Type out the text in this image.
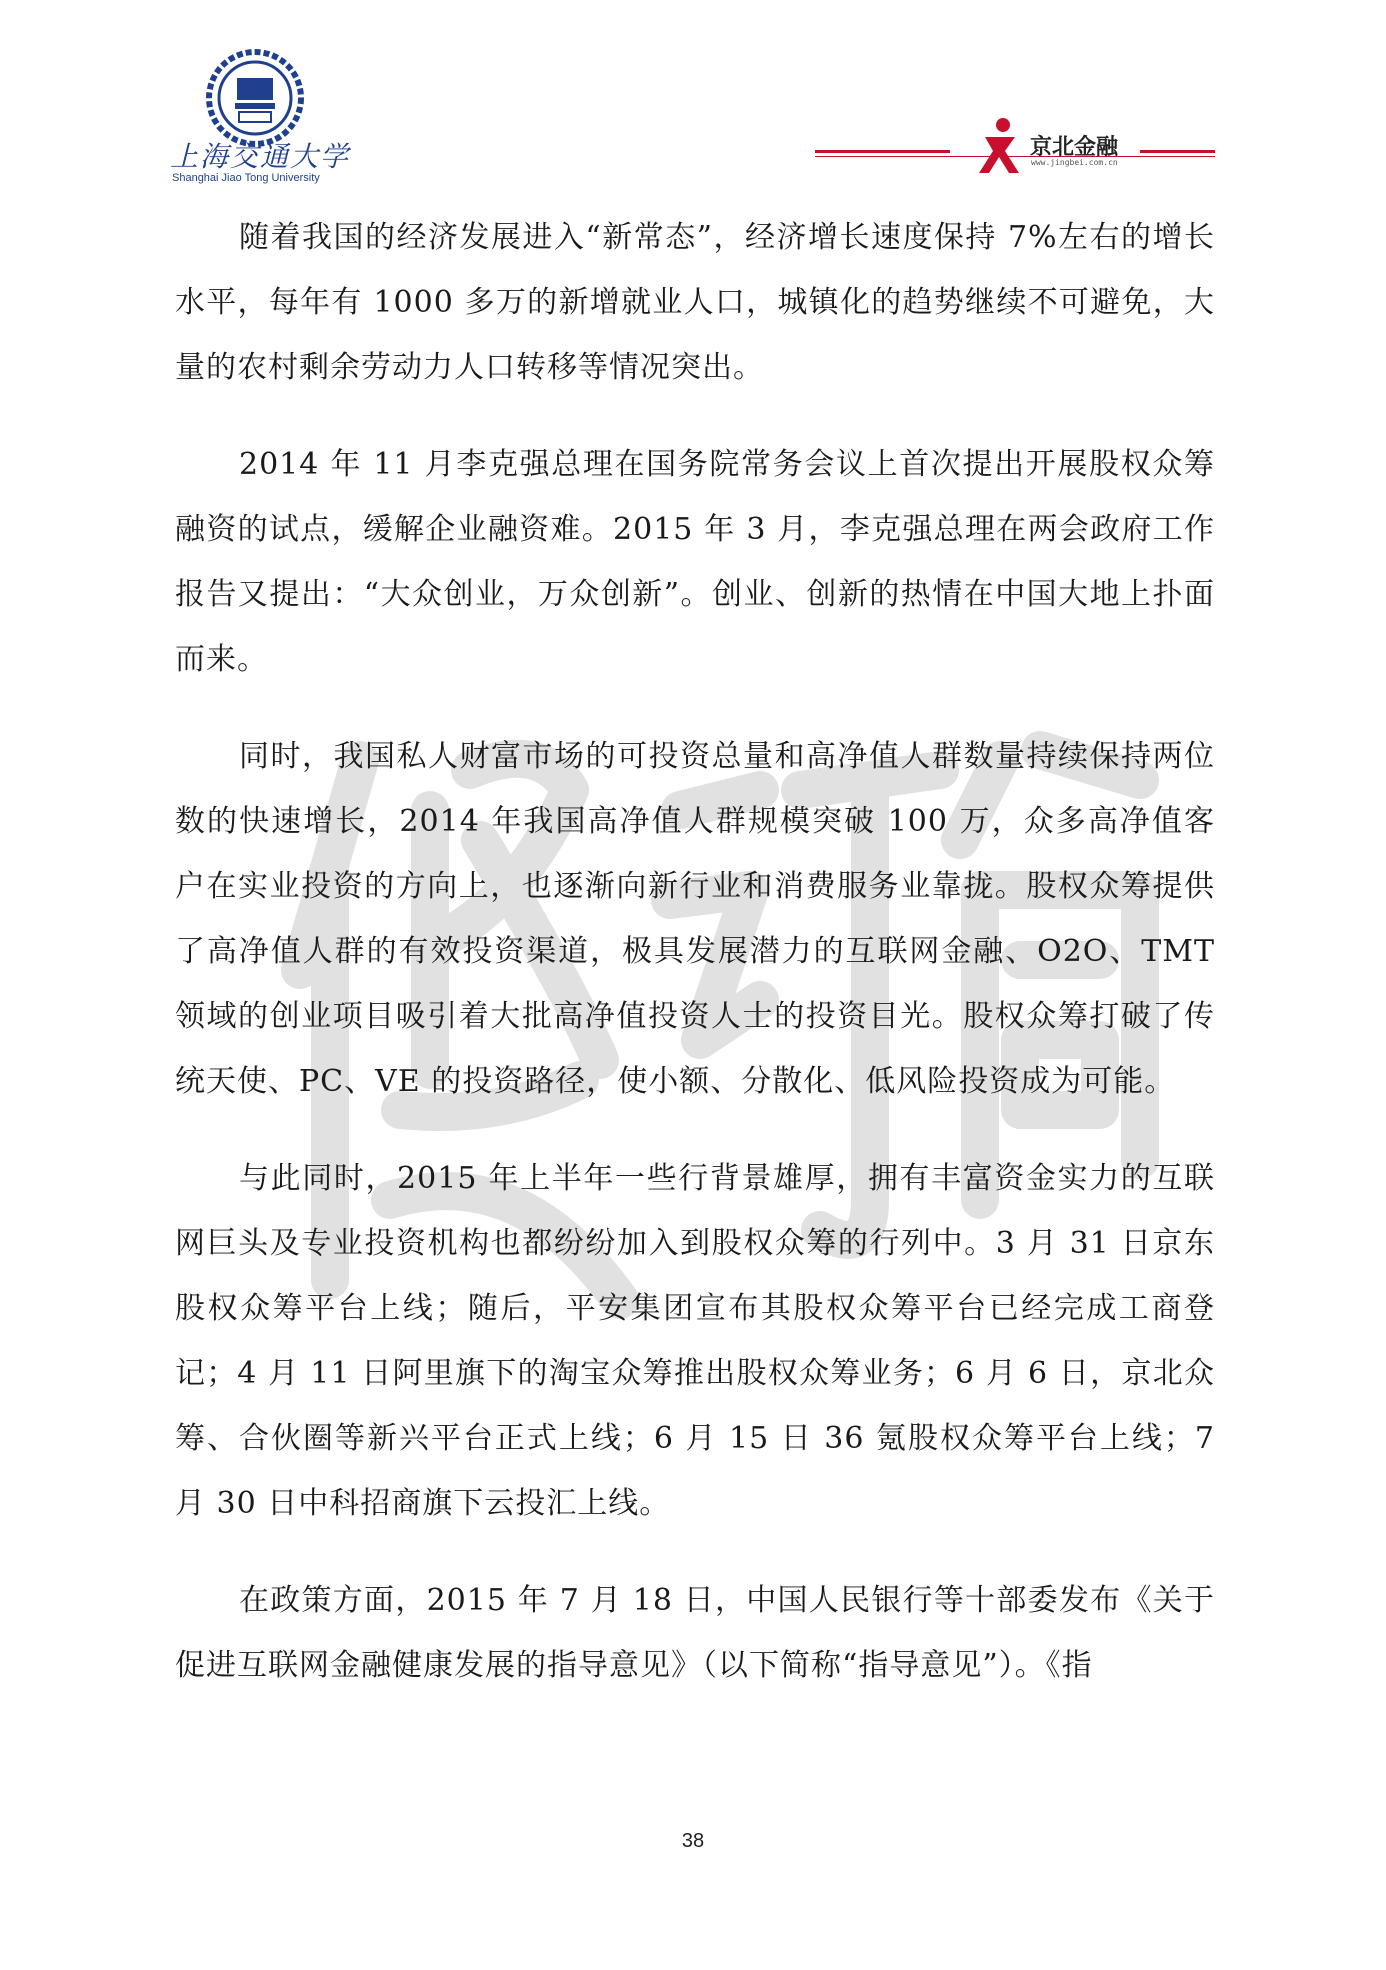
上海交通大学
Shanghai Jiao Tong University
京北金融
www.jingbei.com.cn

随着我国的经济发展进入“新常态”，经济增长速度保持 7%左右的增长水平，每年有 1000 多万的新增就业人口，城镇化的趋势继续不可避免，大量的农村剩余劳动力人口转移等情况突出。

2014 年 11 月李克强总理在国务院常务会议上首次提出开展股权众筹融资的试点，缓解企业融资难。2015 年 3 月，李克强总理在两会政府工作报告又提出：“大众创业，万众创新”。创业、创新的热情在中国大地上扑面而来。

同时，我国私人财富市场的可投资总量和高净值人群数量持续保持两位数的快速增长，2014 年我国高净值人群规模突破 100 万，众多高净值客户在实业投资的方向上，也逐渐向新行业和消费服务业靠拢。股权众筹提供了高净值人群的有效投资渠道，极具发展潜力的互联网金融、O2O、TMT 领域的创业项目吸引着大批高净值投资人士的投资目光。股权众筹打破了传统天使、PC、VE 的投资路径，使小额、分散化、低风险投资成为可能。

与此同时，2015 年上半年一些行背景雄厚，拥有丰富资金实力的互联网巨头及专业投资机构也都纷纷加入到股权众筹的行列中。3 月 31 日京东股权众筹平台上线；随后，平安集团宣布其股权众筹平台已经完成工商登记；4 月 11 日阿里旗下的淘宝众筹推出股权众筹业务；6 月 6 日，京北众筹、合伙圈等新兴平台正式上线；6 月 15 日 36 氪股权众筹平台上线；7 月 30 日中科招商旗下云投汇上线。

在政策方面，2015 年 7 月 18 日，中国人民银行等十部委发布《关于促进互联网金融健康发展的指导意见》（以下简称“指导意见”）。《指

38
